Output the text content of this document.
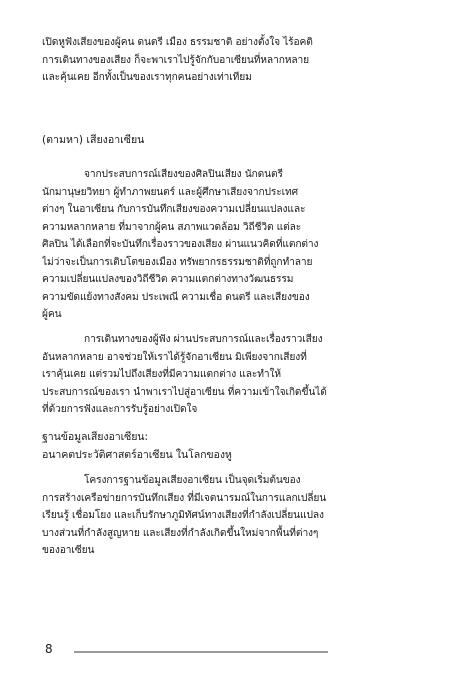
เปิดหูฟังเสียงของผู้คน ดนตรี เมือง ธรรมชาติ อย่างตั้งใจ ไร้อคติ
การเดินทางของเสียง ก็จะพาเราไปรู้จักกับอาเซียนที่หลากหลาย
และคุ้นเคย อีกทั้งเป็นของเราทุกคนอย่างเท่าเทียม
(ตามหา) เสียงอาเซียน
จากประสบการณ์เสียงของศิลปินเสียง นักดนตรี
นักมานุษยวิทยา ผู้ทำภาพยนตร์ และผู้ศึกษาเสียงจากประเทศ
ต่างๆ ในอาเซียน กับการบันทึกเสียงของความเปลี่ยนแปลงและ
ความหลากหลาย ที่มาจากผู้คน สภาพแวดล้อม วิถีชีวิต แต่ละ
ศิลปิน ได้เลือกที่จะบันทึกเรื่องราวของเสียง ผ่านแนวคิดที่แตกต่าง
ไม่ว่าจะเป็นการเติบโตของเมือง ทรัพยากรธรรมชาติที่ถูกทำลาย
ความเปลี่ยนแปลงของวิถีชีวิต ความแตกต่างทางวัฒนธรรม
ความขัดแย้งทางสังคม ประเพณี ความเชื่อ ดนตรี และเสียงของ
ผู้คน
การเดินทางของผู้ฟัง ผ่านประสบการณ์และเรื่องราวเสียง
อันหลากหลาย อาจช่วยให้เราได้รู้จักอาเซียน มิเพียงจากเสียงที่
เราคุ้นเคย แต่รวมไปถึงเสียงที่มีความแตกต่าง และทำให้
ประสบการณ์ของเรา นำพาเราไปสู่อาเซียน ที่ความเข้าใจเกิดขึ้นได้
ที่ด้วยการฟังและการรับรู้อย่างเปิดใจ
ฐานข้อมูลเสียงอาเซียน:
อนาคตประวัติศาสตร์อาเซียน ในโลกของหู
โครงการฐานข้อมูลเสียงอาเซียน เป็นจุดเริ่มต้นของ
การสร้างเครือข่ายการบันทึกเสียง ที่มีเจตนารมณ์ในการแลกเปลี่ยน
เรียนรู้ เชื่อมโยง และเก็บรักษาภูมิทัศน์ทางเสียงที่กำลังเปลี่ยนแปลง
บางส่วนที่กำลังสูญหาย และเสียงที่กำลังเกิดขึ้นใหม่จากพื้นที่ต่างๆ
ของอาเซียน
8
